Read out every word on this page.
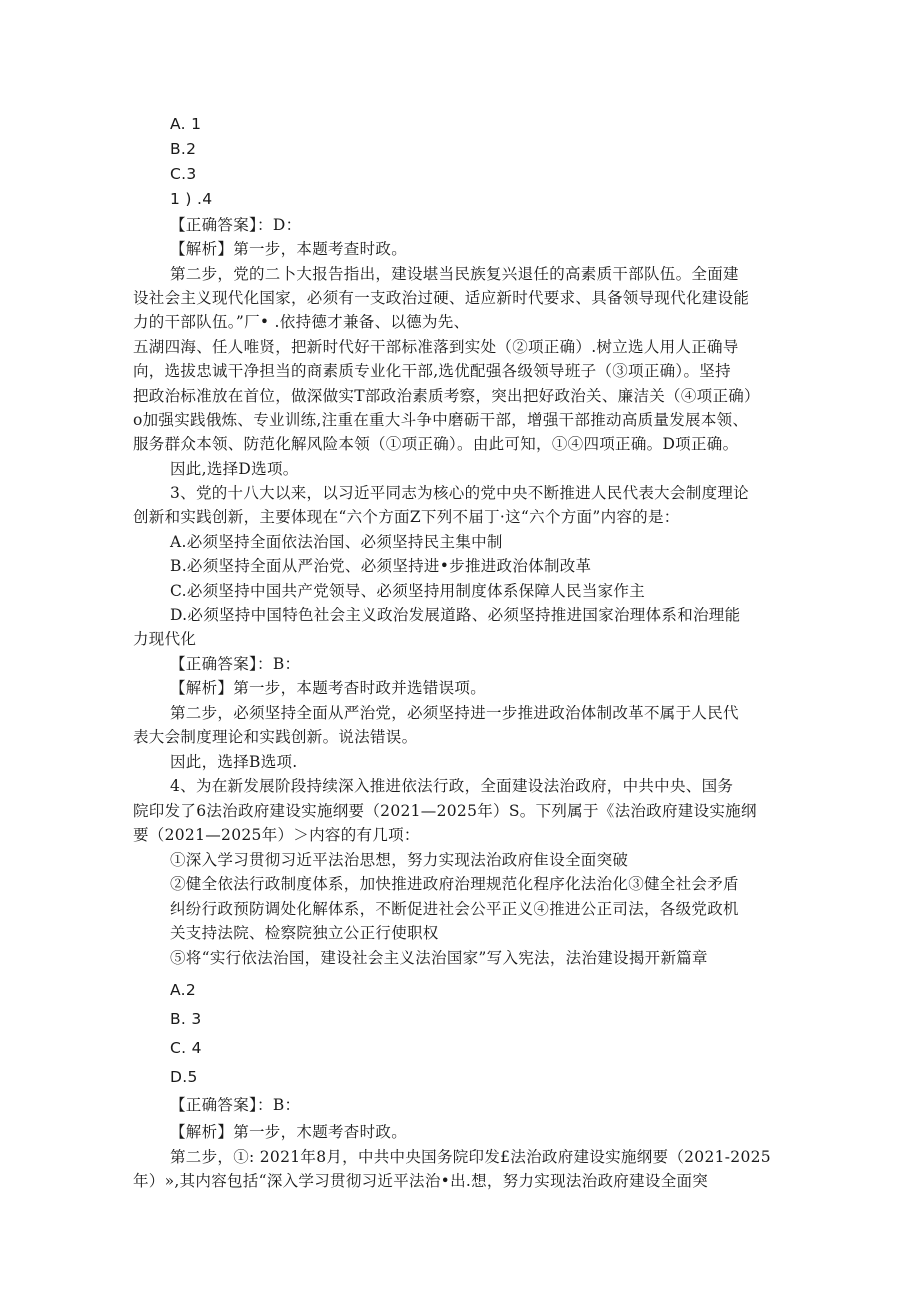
A. 1
B.2
C.3
1 ) .4
【正确答案】：D：
【解析】第一步，本题考查时政。
第二步，党的二卜大报告指出，建设堪当民族复兴退任的高素质干部队伍。全面建
设社会主义现代化国家，必须有一支政治过硬、适应新时代要求、具备领导现代化建设能
力的干部队伍。”厂• .依持德才兼备、以德为先、
五湖四海、任人唯贤，把新时代好干部标准落到实处（②项正确）.树立选人用人正确导
向，选拔忠诚干净担当的商素质专业化干部,选优配强各级领导班子（③项正确）。坚持
把政治标准放在首位，做深做实T部政治素质考察，突出把好政治关、廉洁关（④项正确）
o加强实践俄炼、专业训练,注重在重大斗争中磨砺干部，增强干部推动高质量发展本领、
服务群众本领、防范化解风险本领（①项正确）。由此可知，①④四项正确。D项正确。
因此,选择D选项。
3、党的十八大以来，以习近平同志为核心的党中央不断推进人民代表大会制度理论
创新和实践创新，主要体现在“六个方面Z下列不届丁·这“六个方面”内容的是：
A.必须坚持全面依法治国、必须坚持民主集中制
B.必须坚持全面从严治党、必须坚持进•步推进政治体制改革
C.必须坚持中国共产党领导、必须坚持用制度体系保障人民当家作主
D.必须坚持中国特色社会主义政治发展道路、必须坚持推进国家治理体系和治理能
力现代化
【正确答案】：B：
【解析】第一步，本题考杳时政并选错误项。
第二步，必须坚持全面从严治党，必须坚持进一步推进政治体制改革不属于人民代
表大会制度理论和实践创新。说法错误。
因此，选择B选项.
4、为在新发展阶段持续深入推进依法行政，全面建设法治政府，中共中央、国务
院印发了6法治政府建设实施纲要（2021—2025年）S。下列属于《法治政府建设实施纲
要（2021—2025年）＞内容的有几项：
①深入学习贯彻习近平法治思想，努力实现法治政府隹设全面突破
②健全依法行政制度体系，加快推进政府治理规范化程序化法治化③健全社会矛盾
纠纷行政预防调处化解体系，不断促进社会公平正义④推进公正司法，各级党政机
关支持法院、检察院独立公正行使职权
⑤将“实行依法治国，建设社会主义法治国家”写入宪法，法治建设揭开新篇章
A.2
B. 3
C. 4
D.5
【正确答案】：B：
【解析】第一步，木题考杳时政。
第二步，①: 2021年8月，中共中央国务院印发£法治政府建设实施纲要（2021-2025
年）»,其内容包括“深入学习贯彻习近平法治•出.想，努力实现法治政府建设全面突
